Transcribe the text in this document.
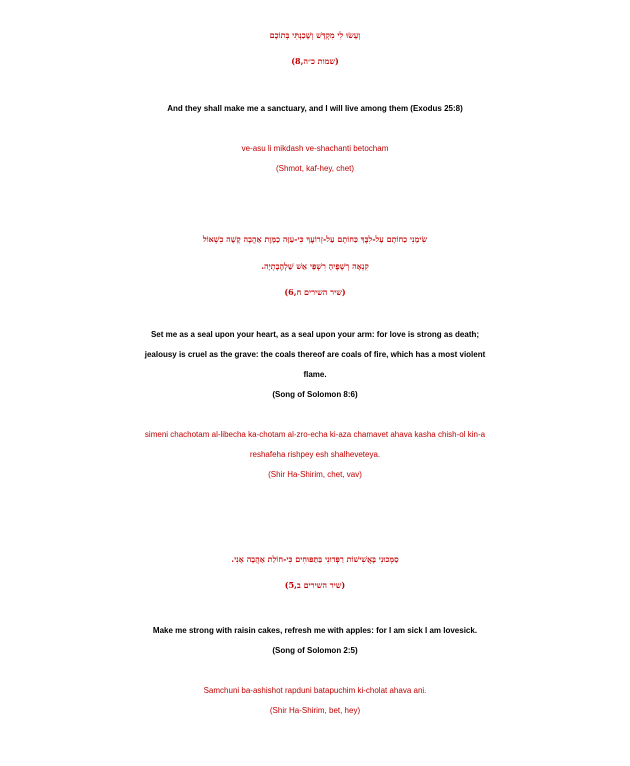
וְעָשׂוּ לִי מִקְדָּשׁ וְשָׁכַנְתִּי בְּתוֹכָם
(שמות כ״ה,8)
And they shall make me a sanctuary, and I will live among them (Exodus 25:8)
ve-asu li mikdash ve-shachanti betocham
(Shmot, kaf-hey, chet)
שִׂימֵנִי כַחוֹתָם עַל-לִבֶּךָ כַּחוֹתָם עַל-זְרוֹעֶךָ כִּי-עַזָּה כַמָּוֶת אַהֲבָה קָשָׁה כִשְׁאוֹל
קִנְאָה רְשָׁפֶיהָ רִשְׁפֵּי אֵשׁ שַׁלְהֶבֶתְיָה.
(שיר השירים ח,6)
Set me as a seal upon your heart, as a seal upon your arm: for love is strong as death;
jealousy is cruel as the grave: the coals thereof are coals of fire, which has a most violent
flame.
(Song of Solomon 8:6)
simeni chachotam al-libecha ka-chotam al-zro-echa ki-aza chamavet ahava kasha chish-ol kin-a
reshafeha rishpey esh shalheveteya.
(Shir Ha-Shirim, chet, vav)
סַמְּכוּנִי בָּאֲשִׁישׁוֹת רַפְּדוּנִי בַּתַּפּוּחִים כִּי-חוֹלַת אַהֲבָה אָנִי.
(שיר השירים ב,5)
Make me strong with raisin cakes, refresh me with apples: for I am sick I am lovesick.
(Song of Solomon 2:5)
Samchuni ba-ashishot rapduni batapuchim ki-cholat ahava ani.
(Shir Ha-Shirim, bet, hey)
